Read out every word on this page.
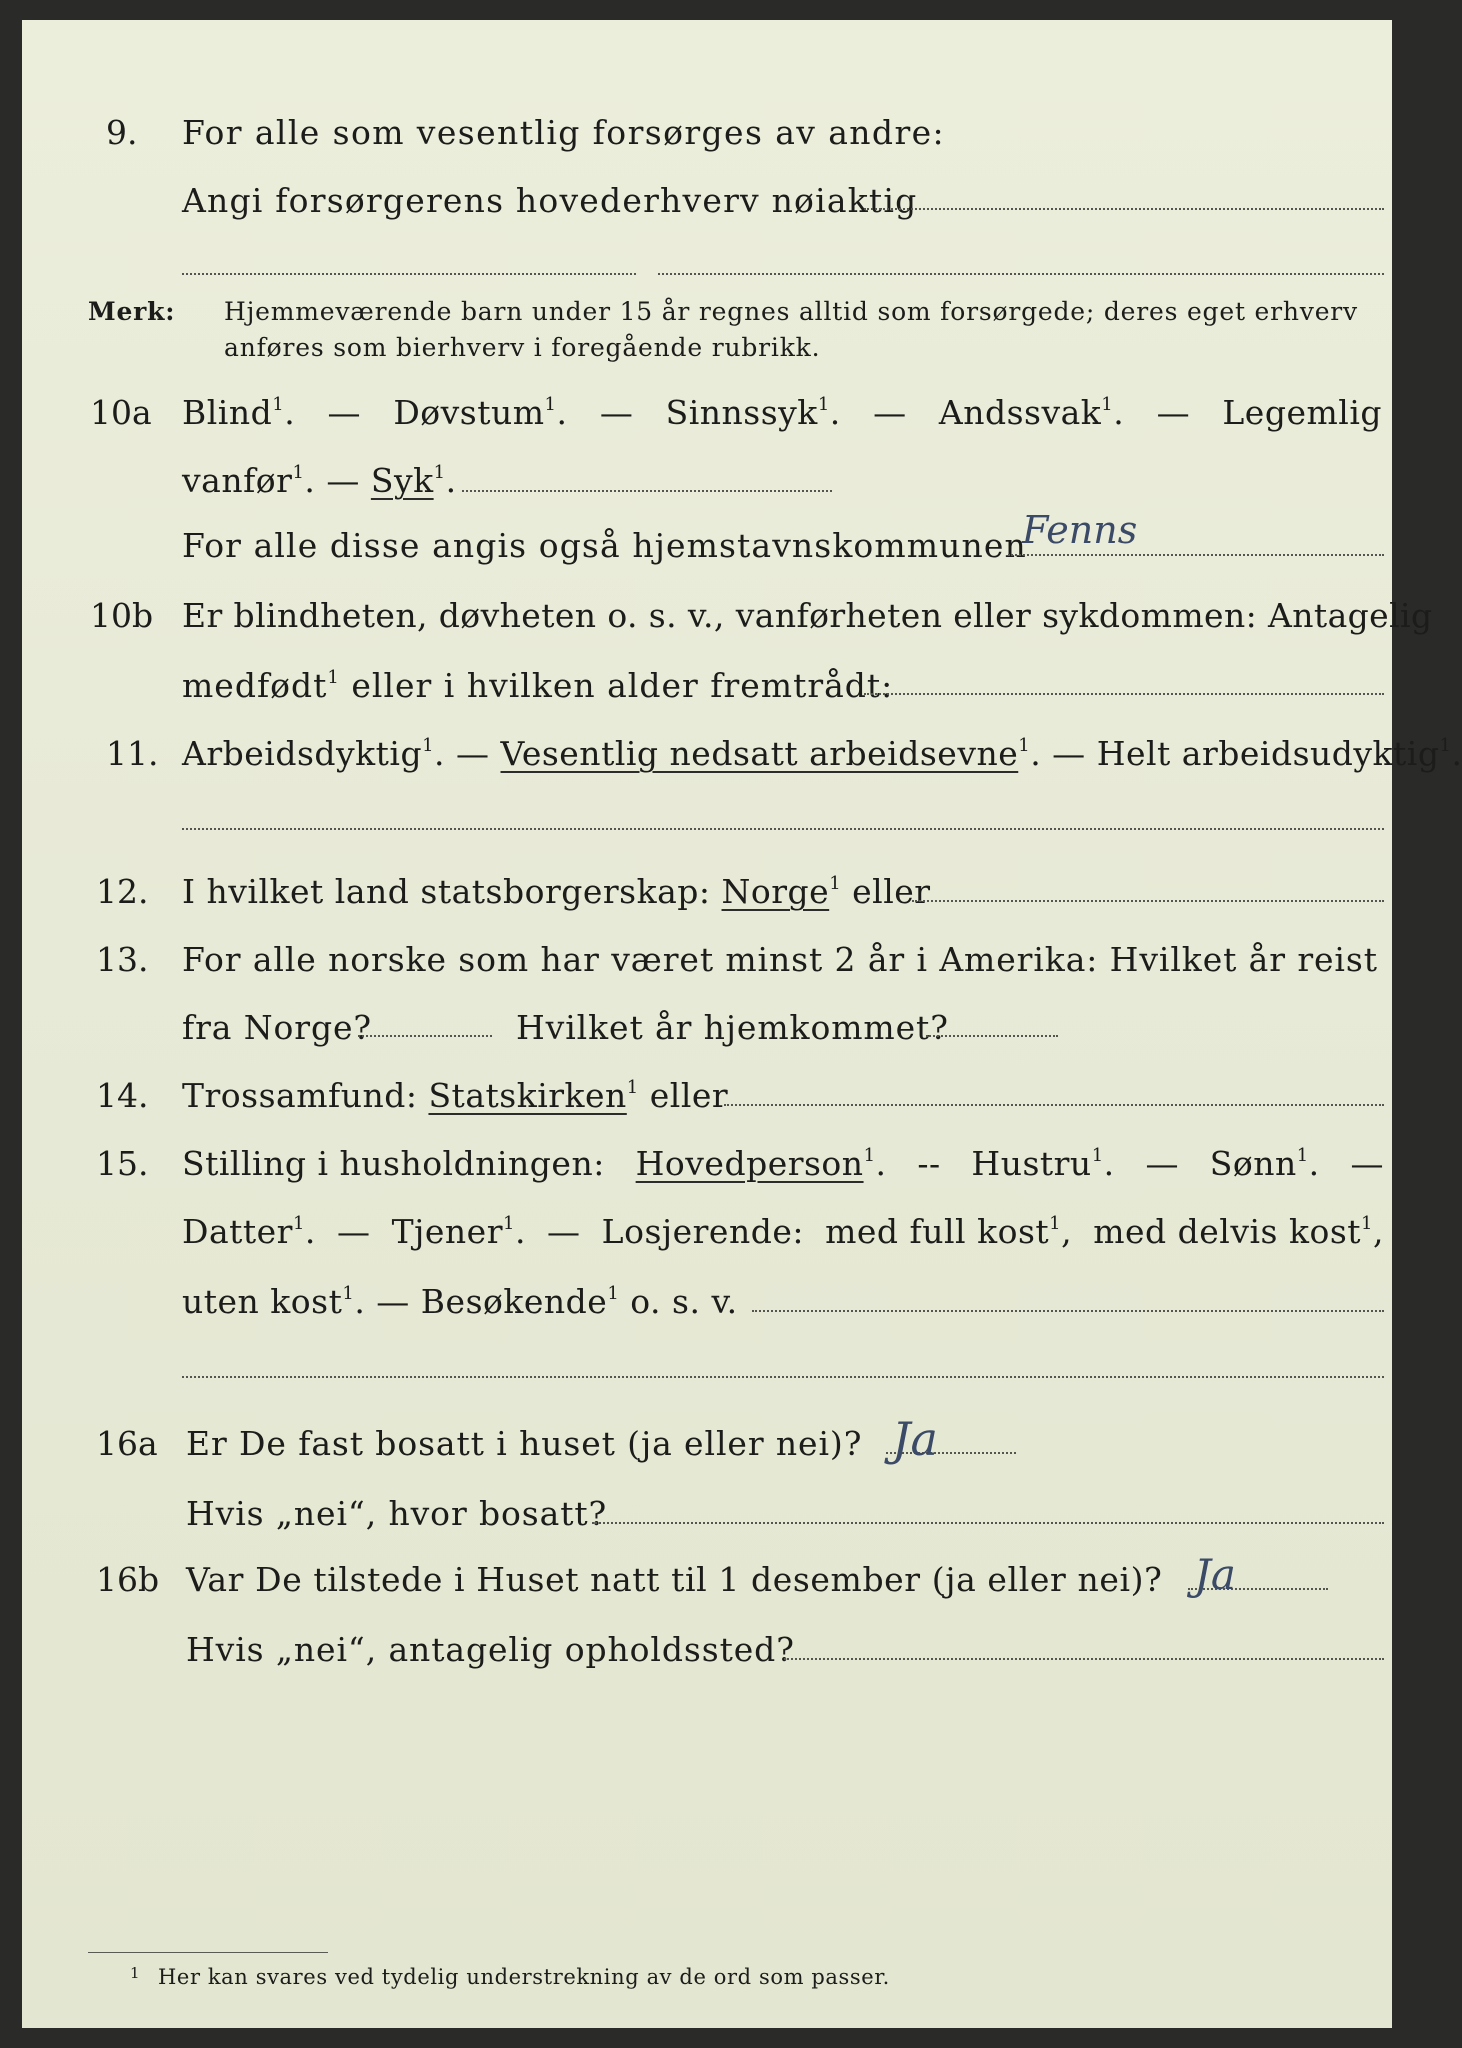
9. For alle som vesentlig forsørges av andre:
Angi forsørgerens hovederhverv nøiaktig
Merk: Hjemmeværende barn under 15 år regnes alltid som forsørgede; deres eget erhverv
anføres som bierhverv i foregående rubrikk.
10a Blind$^1$. — Døvstum$^1$. — Sinnssyk$^1$. — Andssvak$^1$. — Legemlig
vanfør$^1$. — Syk$^1$.
For alle disse angis også hjemstavnskommunen
Fenns
10b Er blindheten, døvheten o. s. v., vanførheten eller sykdommen: Antagelig
medfødt$^1$ eller i hvilken alder fremtrådt:
11. Arbeidsdyktig$^1$. — Vesentlig nedsatt arbeidsevne$^1$. — Helt arbeidsudyktig$^1$.
12. I hvilket land statsborgerskap: Norge$^1$ eller
13. For alle norske som har været minst 2 år i Amerika: Hvilket år reist
fra Norge?	Hvilket år hjemkommet?
14. Trossamfund: Statskirken$^1$ eller
15. Stilling i husholdningen: Hovedperson$^1$. -- Hustru$^1$. — Sønn$^1$. —
Datter$^1$. — Tjener$^1$. — Losjerende: med full kost$^1$, med delvis kost$^1$,
uten kost$^1$. — Besøkende$^1$ o. s. v.
16a Er De fast bosatt i huset (ja eller nei)? Ja
Hvis „nei“, hvor bosatt?
16b Var De tilstede i Huset natt til 1 desember (ja eller nei)? Ja
Hvis „nei“, antagelig opholdssted?
1 Her kan svares ved tydelig understrekning av de ord som passer.
